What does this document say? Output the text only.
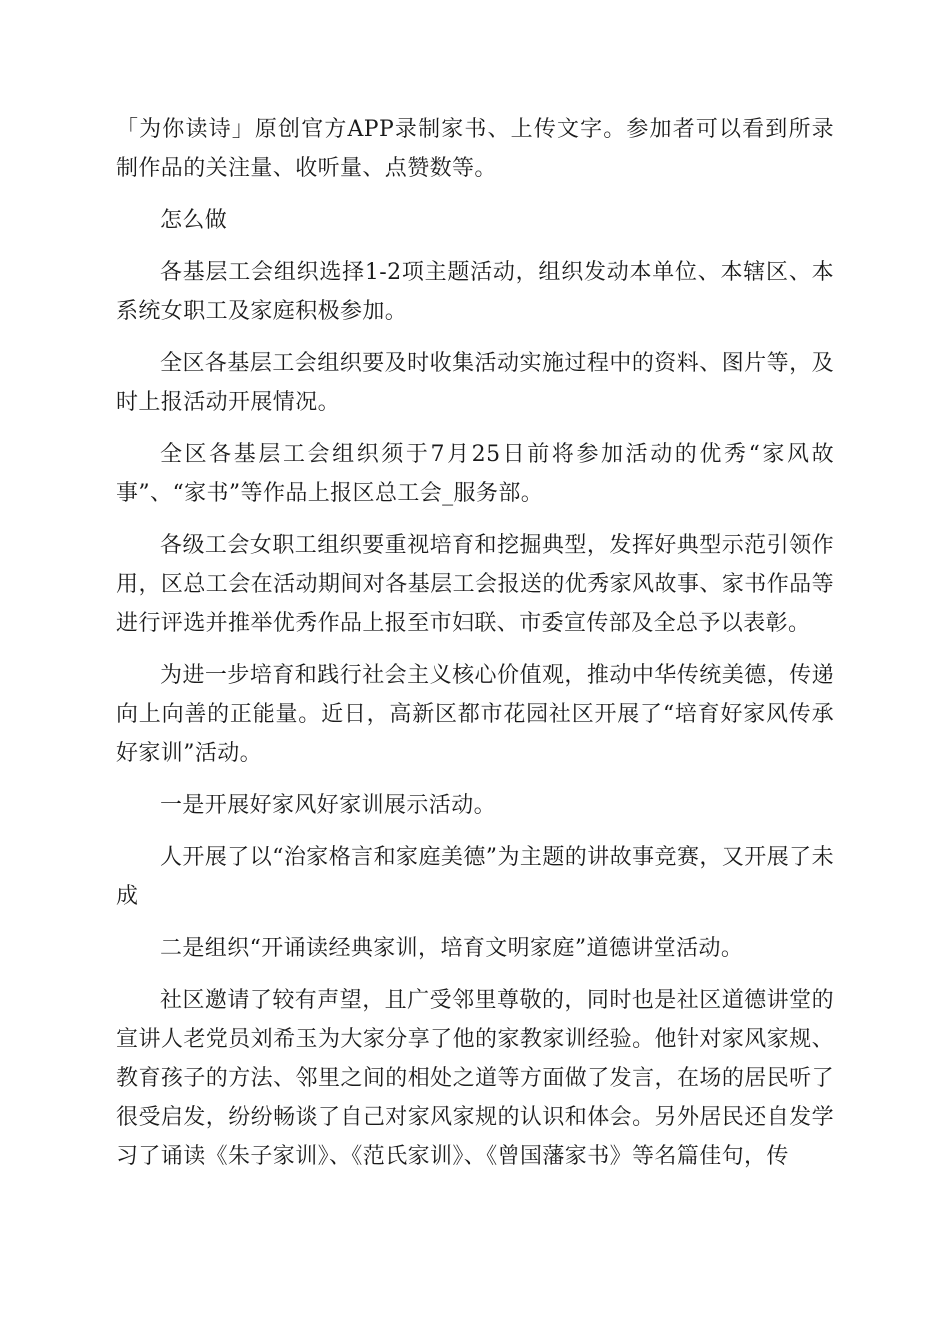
「为你读诗」原创官方APP录制家书、上传文字。参加者可以看到所录制作品的关注量、收听量、点赞数等。

怎么做

各基层工会组织选择1-2项主题活动，组织发动本单位、本辖区、本系统女职工及家庭积极参加。

全区各基层工会组织要及时收集活动实施过程中的资料、图片等，及时上报活动开展情况。

全区各基层工会组织须于7月25日前将参加活动的优秀“家风故事”、“家书”等作品上报区总工会_服务部。

各级工会女职工组织要重视培育和挖掘典型，发挥好典型示范引领作用，区总工会在活动期间对各基层工会报送的优秀家风故事、家书作品等进行评选并推举优秀作品上报至市妇联、市委宣传部及全总予以表彰。

为进一步培育和践行社会主义核心价值观，推动中华传统美德，传递向上向善的正能量。近日，高新区都市花园社区开展了“培育好家风传承好家训”活动。

一是开展好家风好家训展示活动。

人开展了以“治家格言和家庭美德”为主题的讲故事竞赛，又开展了未成

二是组织“开诵读经典家训，培育文明家庭”道德讲堂活动。

社区邀请了较有声望，且广受邻里尊敬的，同时也是社区道德讲堂的宣讲人老党员刘希玉为大家分享了他的家教家训经验。他针对家风家规、教育孩子的方法、邻里之间的相处之道等方面做了发言，在场的居民听了很受启发，纷纷畅谈了自己对家风家规的认识和体会。另外居民还自发学习了诵读《朱子家训》、《范氏家训》、《曾国藩家书》等名篇佳句，传
